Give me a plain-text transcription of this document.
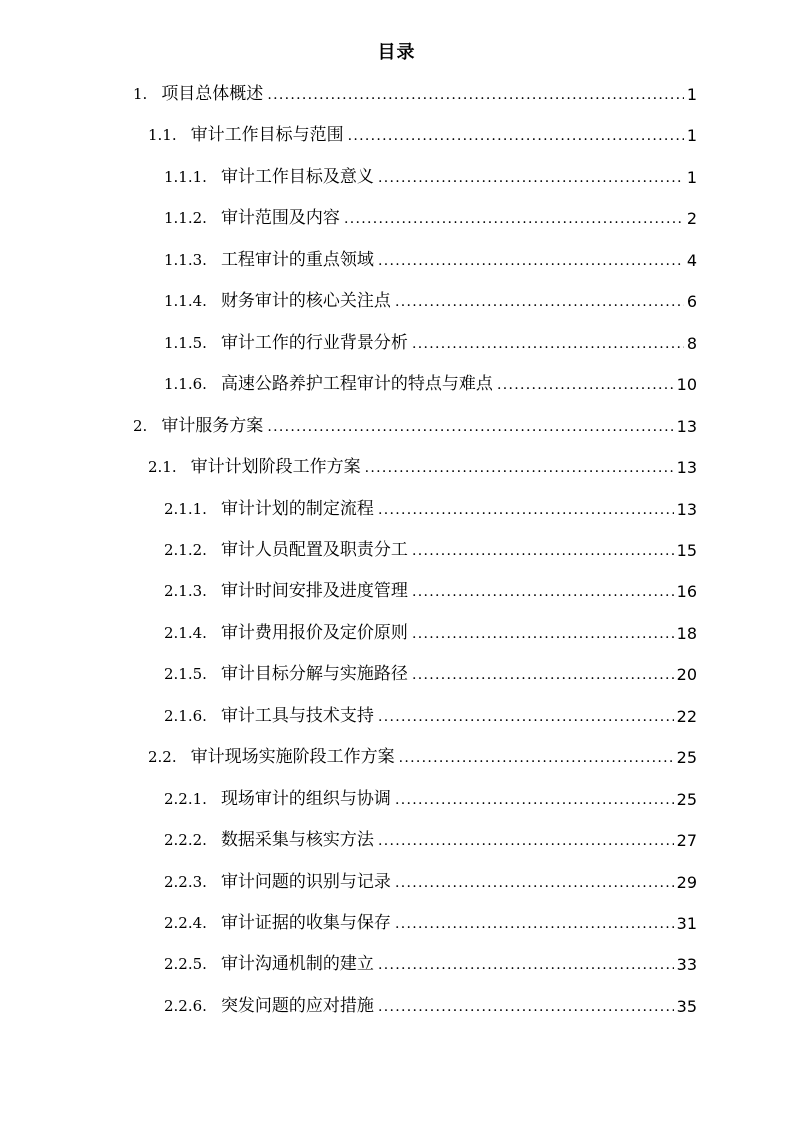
目录
1. 项目总体概述 .....	1
1.1. 审计工作目标与范围 .....	1
1.1.1. 审计工作目标及意义 .....	1
1.1.2. 审计范围及内容 .....	2
1.1.3. 工程审计的重点领域 .....	4
1.1.4. 财务审计的核心关注点 .....	6
1.1.5. 审计工作的行业背景分析 .....	8
1.1.6. 高速公路养护工程审计的特点与难点 .....	10
2. 审计服务方案 .....	13
2.1. 审计计划阶段工作方案 .....	13
2.1.1. 审计计划的制定流程 .....	13
2.1.2. 审计人员配置及职责分工 .....	15
2.1.3. 审计时间安排及进度管理 .....	16
2.1.4. 审计费用报价及定价原则 .....	18
2.1.5. 审计目标分解与实施路径 .....	20
2.1.6. 审计工具与技术支持 .....	22
2.2. 审计现场实施阶段工作方案 .....	25
2.2.1. 现场审计的组织与协调 .....	25
2.2.2. 数据采集与核实方法 .....	27
2.2.3. 审计问题的识别与记录 .....	29
2.2.4. 审计证据的收集与保存 .....	31
2.2.5. 审计沟通机制的建立 .....	33
2.2.6. 突发问题的应对措施 .....	35
